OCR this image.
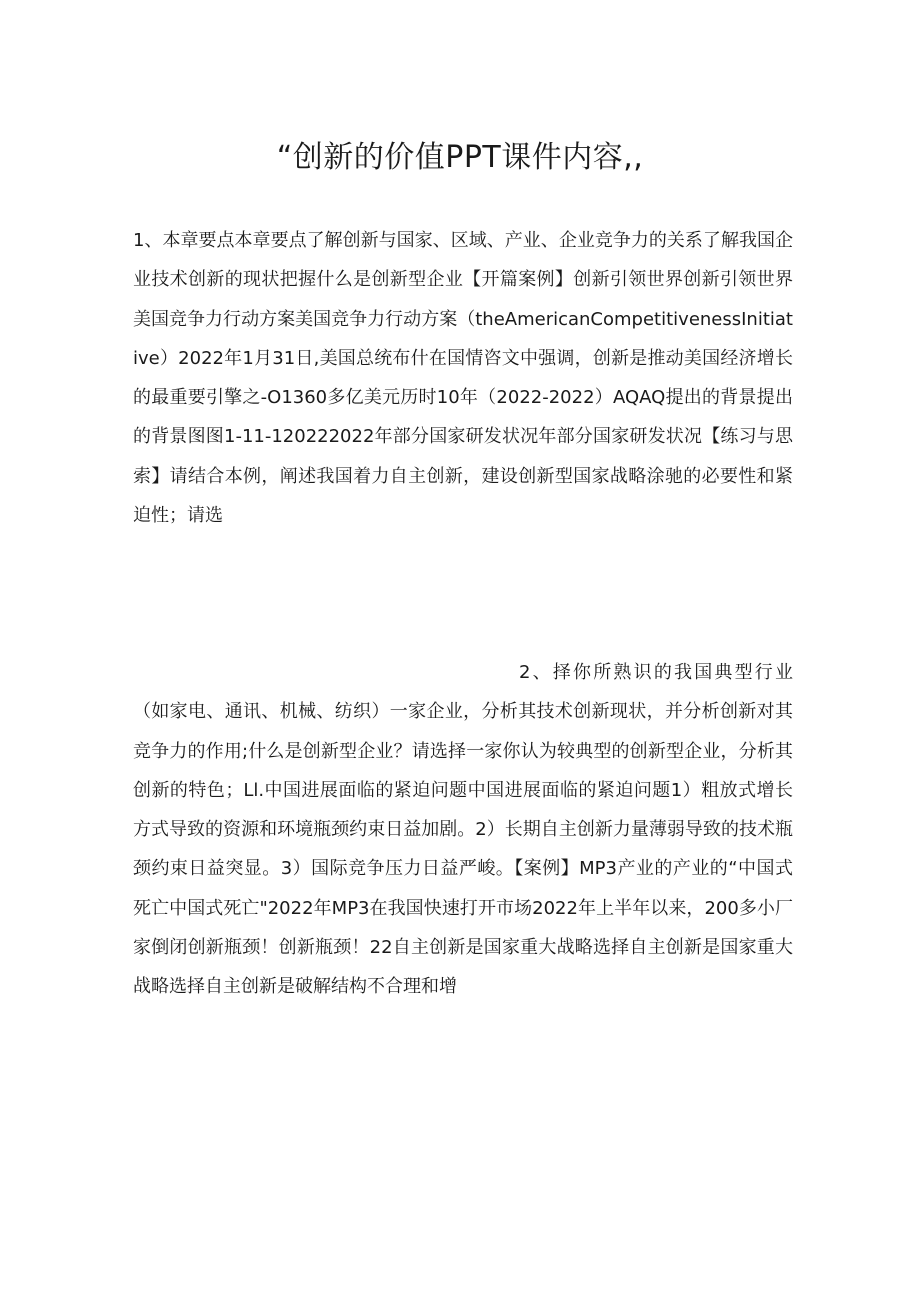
“创新的价值PPT课件内容,,

1、本章要点本章要点了解创新与国家、区域、产业、企业竞争力的关系了解我国企业技术创新的现状把握什么是创新型企业【开篇案例】创新引领世界创新引领世界美国竞争力行动方案美国竞争力行动方案（theAmericanCompetitivenessInitiative）2022年1月31日,美国总统布什在国情咨文中强调，创新是推动美国经济增长的最重要引擎之-O1360多亿美元历时10年（2022-2022）AQAQ提出的背景提出的背景图图1-11-120222022年部分国家研发状况年部分国家研发状况【练习与思索】请结合本例，阐述我国着力自主创新，建设创新型国家战略涂驰的必要性和紧迫性；请选

2、择你所熟识的我国典型行业（如家电、通讯、机械、纺织）一家企业，分析其技术创新现状，并分析创新对其竞争力的作用;什么是创新型企业？请选择一家你认为较典型的创新型企业，分析其创新的特色；Ll.中国进展面临的紧迫问题中国进展面临的紧迫问题1）粗放式增长方式导致的资源和环境瓶颈约束日益加剧。2）长期自主创新力量薄弱导致的技术瓶颈约束日益突显。3）国际竞争压力日益严峻。【案例】MP3产业的产业的“中国式死亡中国式死亡"2022年MP3在我国快速打开市场2022年上半年以来，200多小厂家倒闭创新瓶颈！创新瓶颈！22自主创新是国家重大战略选择自主创新是国家重大战略选择自主创新是破解结构不合理和增
